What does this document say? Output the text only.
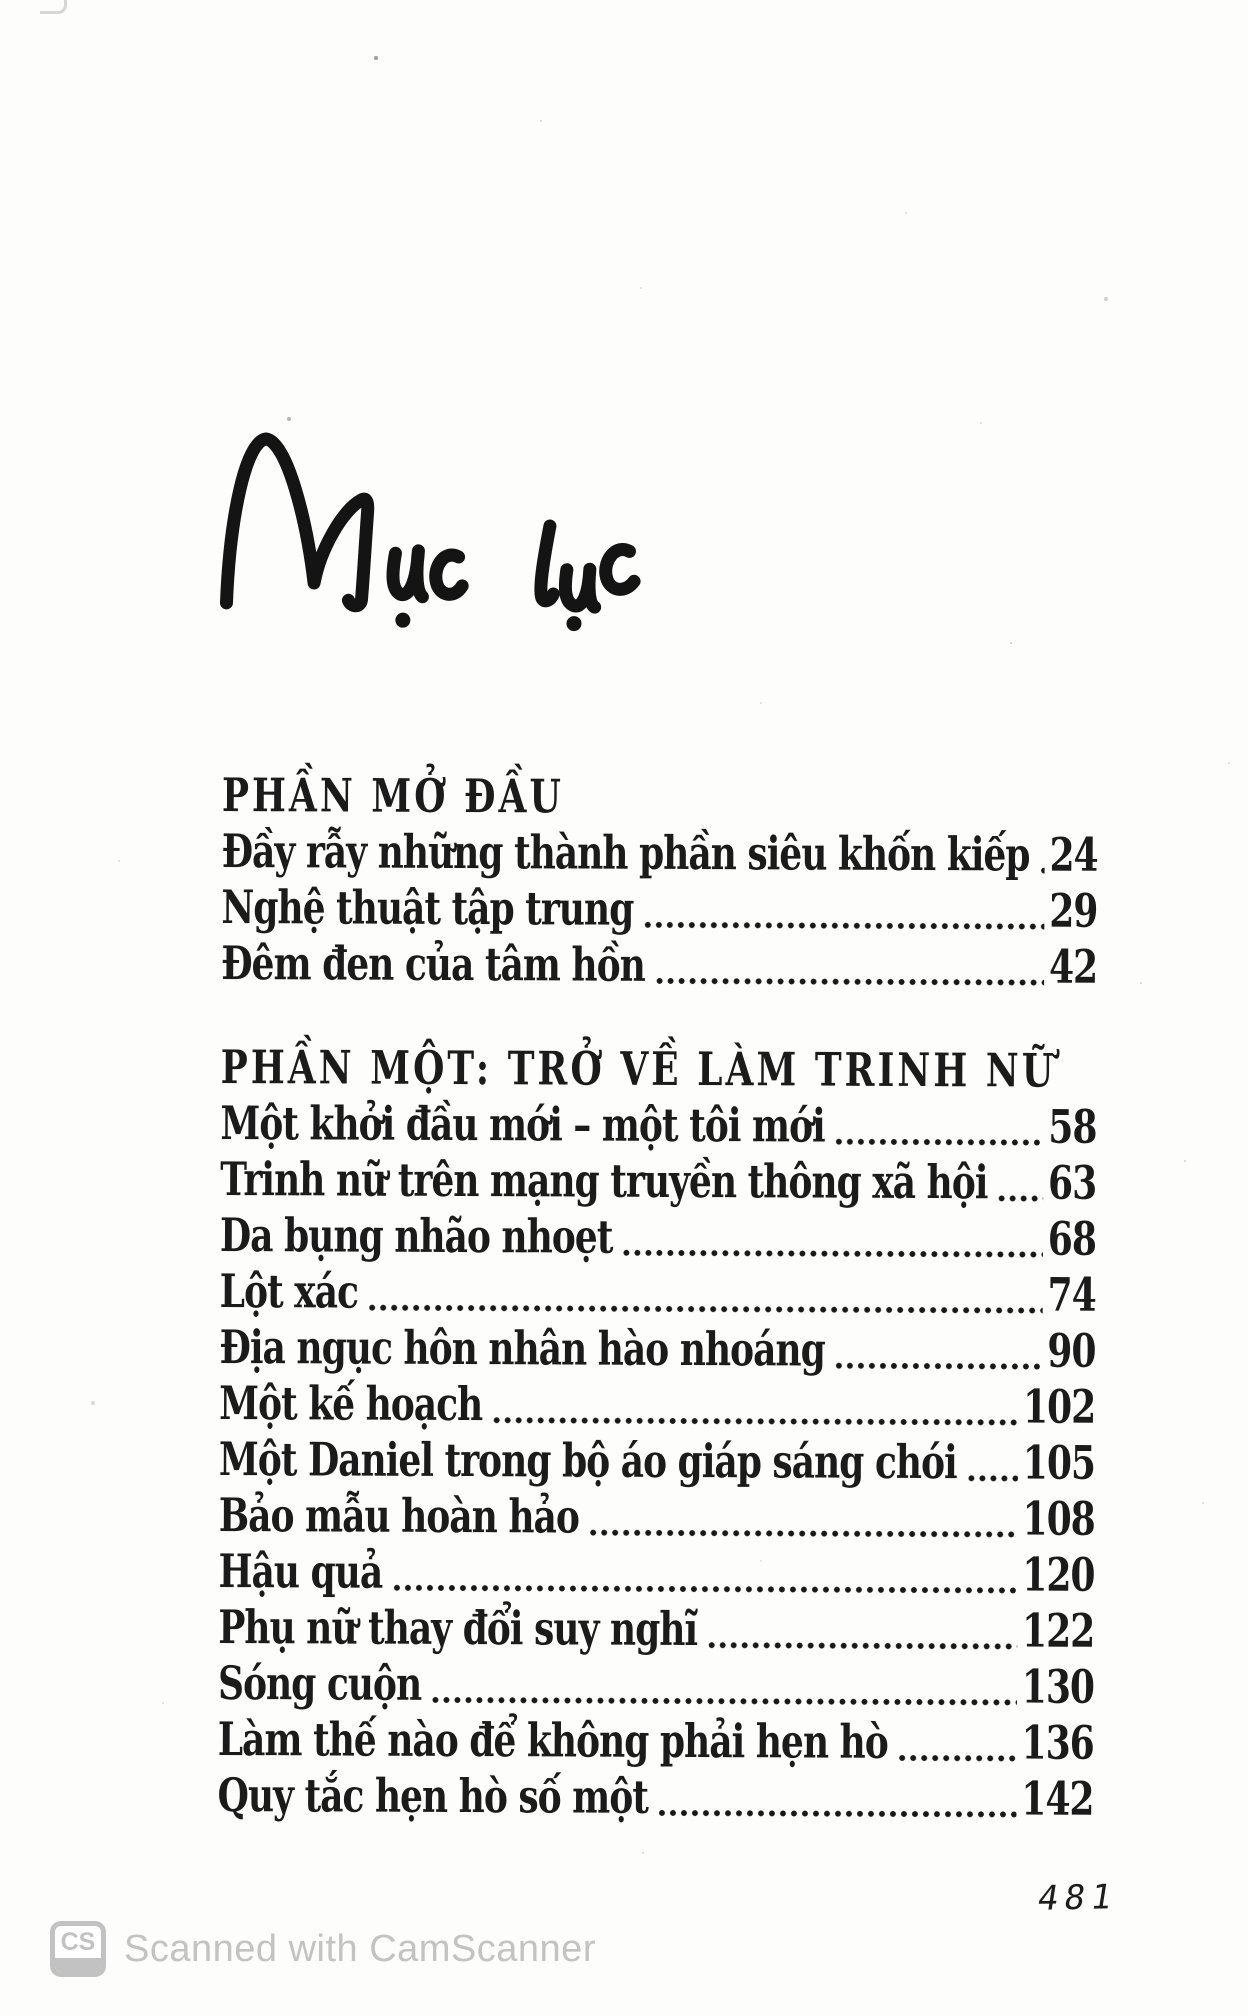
PHẦN MỞ ĐẦU
Đầy rẫy những thành phần siêu khốn kiếp 24
Nghệ thuật tập trung	29
Đêm đen của tâm hồn	42
PHẦN MỘT: TRỞ VỀ LÀM TRINH NỮ
Một khởi đầu mới – một tôi mới	58
Trinh nữ trên mạng truyền thông xã hội 63
Da bụng nhão nhoẹt	68
Lột xác	74
Địa ngục hôn nhân hào nhoáng	90
Một kế hoạch	102
Một Daniel trong bộ áo giáp sáng chói 105
Bảo mẫu hoàn hảo	108
Hậu quả	120
Phụ nữ thay đổi suy nghĩ	122
Sóng cuộn	130
Làm thế nào để không phải hẹn hò	136
Quy tắc hẹn hò số một	142
481
CS Scanned with CamScanner
